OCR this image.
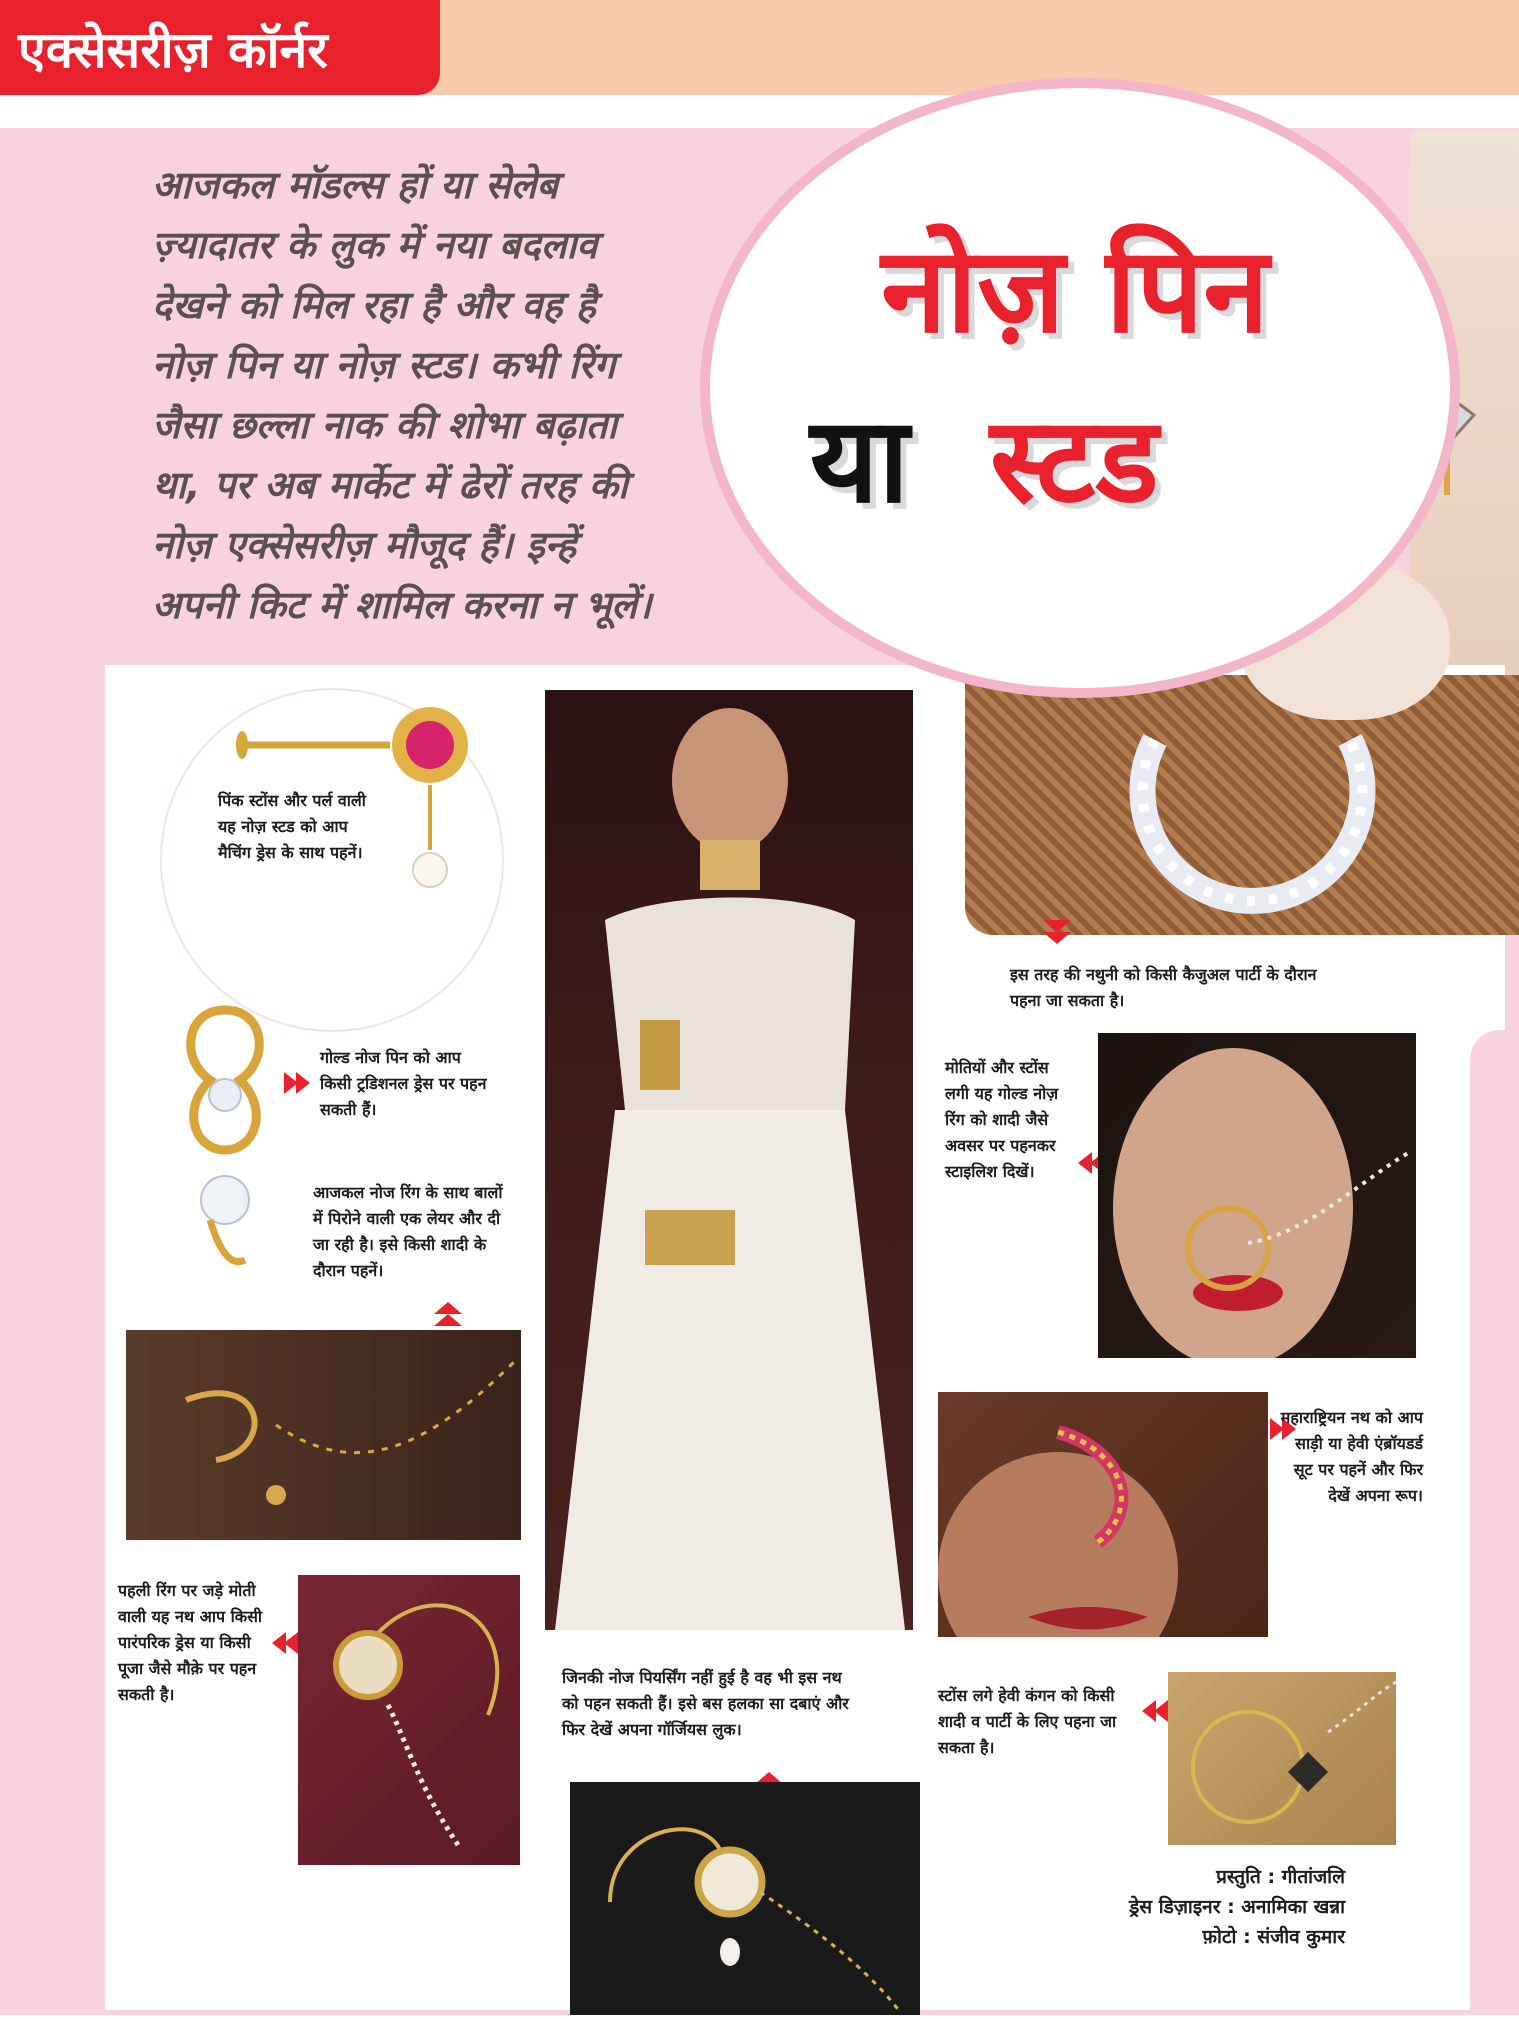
एक्सेसरीज़ कॉर्नर
आजकल मॉडल्स हों या सेलेब
ज़्यादातर के लुक में नया बदलाव
देखने को मिल रहा है और वह है
नोज़ पिन या नोज़ स्टड। कभी रिंग
जैसा छल्ला नाक की शोभा बढ़ाता
था, पर अब मार्केट में ढेरों तरह की
नोज़ एक्सेसरीज़ मौजूद हैं। इन्हें
अपनी किट में शामिल करना न भूलें।
नोज़ पिन
या स्टड
पिंक स्टोंस और पर्ल वाली यह नोज़ स्टड को आप मैचिंग ड्रेस के साथ पहनें।
गोल्ड नोज पिन को आप किसी ट्रडिशनल ड्रेस पर पहन सकती हैं।
आजकल नोज रिंग के साथ बालों में पिरोने वाली एक लेयर और दी जा रही है। इसे किसी शादी के दौरान पहनें।
इस तरह की नथुनी को किसी कैजुअल पार्टी के दौरान पहना जा सकता है।
मोतियों और स्टोंस लगी यह गोल्ड नोज़ रिंग को शादी जैसे अवसर पर पहनकर स्टाइलिश दिखें।
महाराष्ट्रियन नथ को आप साड़ी या हेवी एंब्रॉयडर्ड सूट पर पहनें और फिर देखें अपना रूप।
पहली रिंग पर जड़े मोती वाली यह नथ आप किसी पारंपरिक ड्रेस या किसी पूजा जैसे मौक़े पर पहन सकती है।
जिनकी नोज पियर्सिंग नहीं हुई है वह भी इस नथ को पहन सकती हैं। इसे बस हलका सा दबाएं और फिर देखें अपना गॉर्जियस लुक।
स्टोंस लगे हेवी कंगन को किसी शादी व पार्टी के लिए पहना जा सकता है।
प्रस्तुति : गीतांजलि
ड्रेस डिज़ाइनर : अनामिका खन्ना
फ़ोटो : संजीव कुमार
